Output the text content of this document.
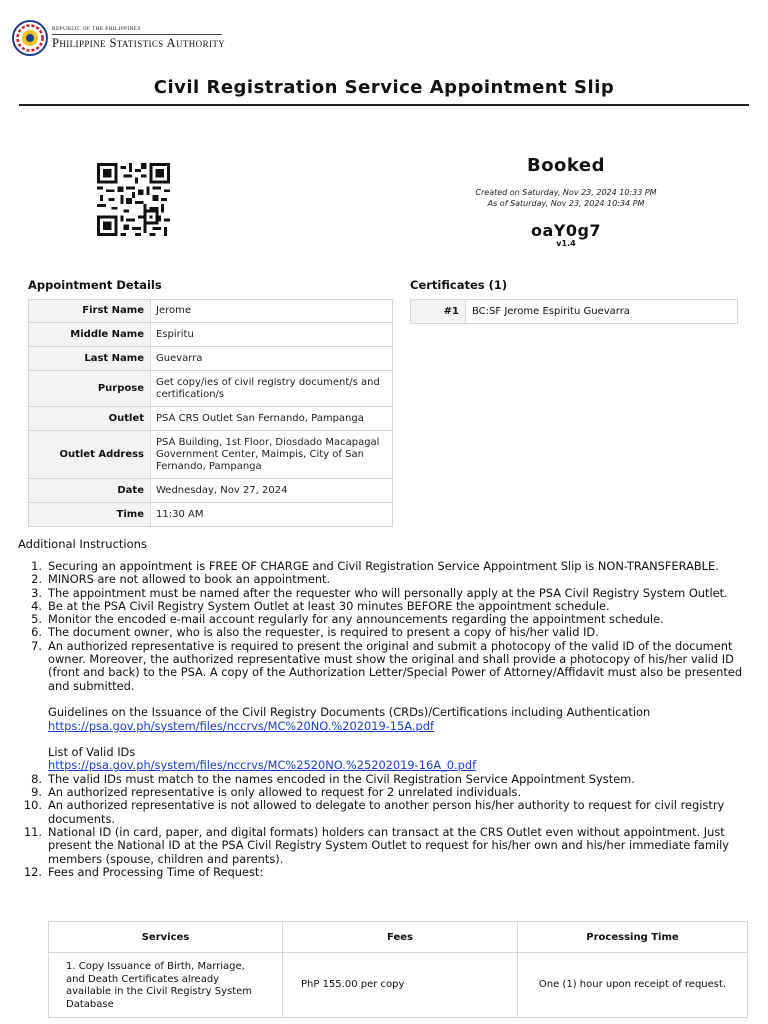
REPUBLIC OF THE PHILIPPINES
Philippine Statistics Authority
Civil Registration Service Appointment Slip
Booked
Created on Saturday, Nov 23, 2024 10:33 PM
As of Saturday, Nov 23, 2024 10:34 PM
oaY0g7
v1.4
Appointment Details	Certificates (1)
First Name	Jerome
Middle Name	Espiritu
Last Name	Guevarra
Purpose	Get copy/ies of civil registry document/s and certification/s
Outlet	PSA CRS Outlet San Fernando, Pampanga
Outlet Address	PSA Building, 1st Floor, Diosdado Macapagal Government Center, Maimpis, City of San Fernando, Pampanga
Date	Wednesday, Nov 27, 2024
Time	11:30 AM
#1	BC:SF Jerome Espiritu Guevarra
Additional Instructions
1. Securing an appointment is FREE OF CHARGE and Civil Registration Service Appointment Slip is NON-TRANSFERABLE.
2. MINORS are not allowed to book an appointment.
3. The appointment must be named after the requester who will personally apply at the PSA Civil Registry System Outlet.
4. Be at the PSA Civil Registry System Outlet at least 30 minutes BEFORE the appointment schedule.
5. Monitor the encoded e-mail account regularly for any announcements regarding the appointment schedule.
6. The document owner, who is also the requester, is required to present a copy of his/her valid ID.
7. An authorized representative is required to present the original and submit a photocopy of the valid ID of the document owner. Moreover, the authorized representative must show the original and shall provide a photocopy of his/her valid ID (front and back) to the PSA. A copy of the Authorization Letter/Special Power of Attorney/Affidavit must also be presented and submitted.
Guidelines on the Issuance of the Civil Registry Documents (CRDs)/Certifications including Authentication
https://psa.gov.ph/system/files/nccrvs/MC%20NO.%202019-15A.pdf
List of Valid IDs
https://psa.gov.ph/system/files/nccrvs/MC%2520NO.%25202019-16A_0.pdf
8. The valid IDs must match to the names encoded in the Civil Registration Service Appointment System.
9. An authorized representative is only allowed to request for 2 unrelated individuals.
10. An authorized representative is not allowed to delegate to another person his/her authority to request for civil registry documents.
11. National ID (in card, paper, and digital formats) holders can transact at the CRS Outlet even without appointment. Just present the National ID at the PSA Civil Registry System Outlet to request for his/her own and his/her immediate family members (spouse, children and parents).
12. Fees and Processing Time of Request:
Services	Fees	Processing Time
1. Copy Issuance of Birth, Marriage, and Death Certificates already available in the Civil Registry System Database	PhP 155.00 per copy	One (1) hour upon receipt of request.
